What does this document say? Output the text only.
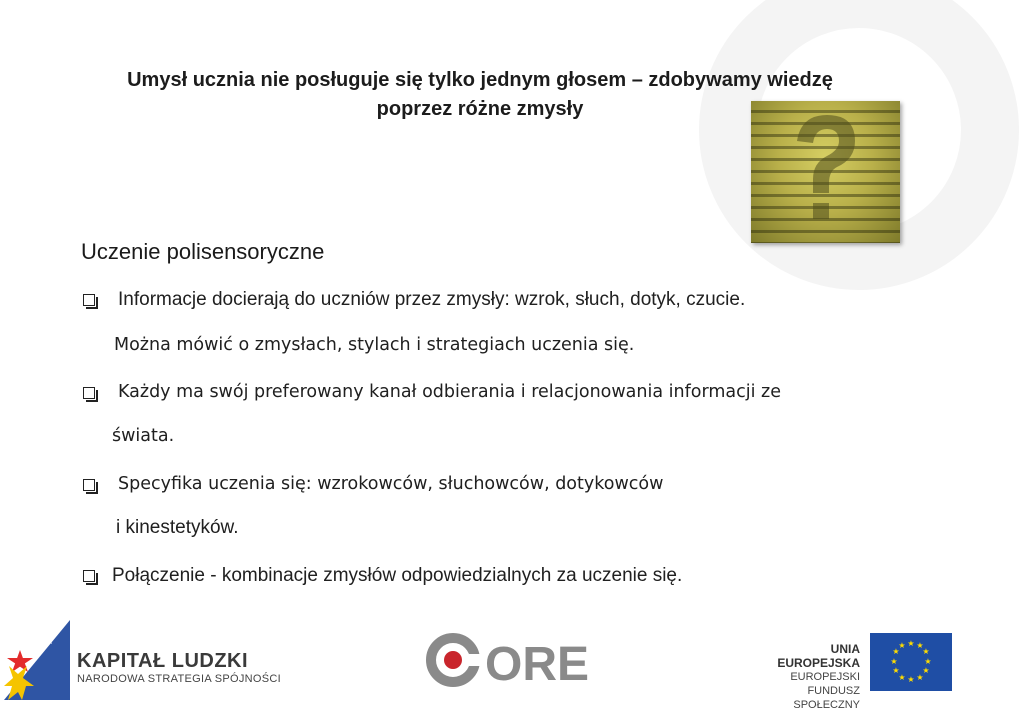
Umysł ucznia nie posługuje się tylko jednym głosem – zdobywamy wiedzę
poprzez różne zmysły
Uczenie polisensoryczne
Informacje docierają do uczniów przez zmysły: wzrok, słuch, dotyk, czucie.
Można mówić o zmysłach, stylach i strategiach uczenia się.
Każdy ma swój preferowany kanał odbierania i relacjonowania informacji ze
świata.
Specyfika uczenia się: wzrokowców, słuchowców, dotykowców
i kinestetyków.
Połączenie - kombinacje zmysłów odpowiedzialnych za uczenie się.
KAPITAŁ LUDZKI
NARODOWA STRATEGIA SPÓJNOŚCI	ORE	UNIA EUROPEJSKA
EUROPEJSKI
FUNDUSZ SPOŁECZNY
★ ★
★
★
★
★
★
★
★
★
★
★
